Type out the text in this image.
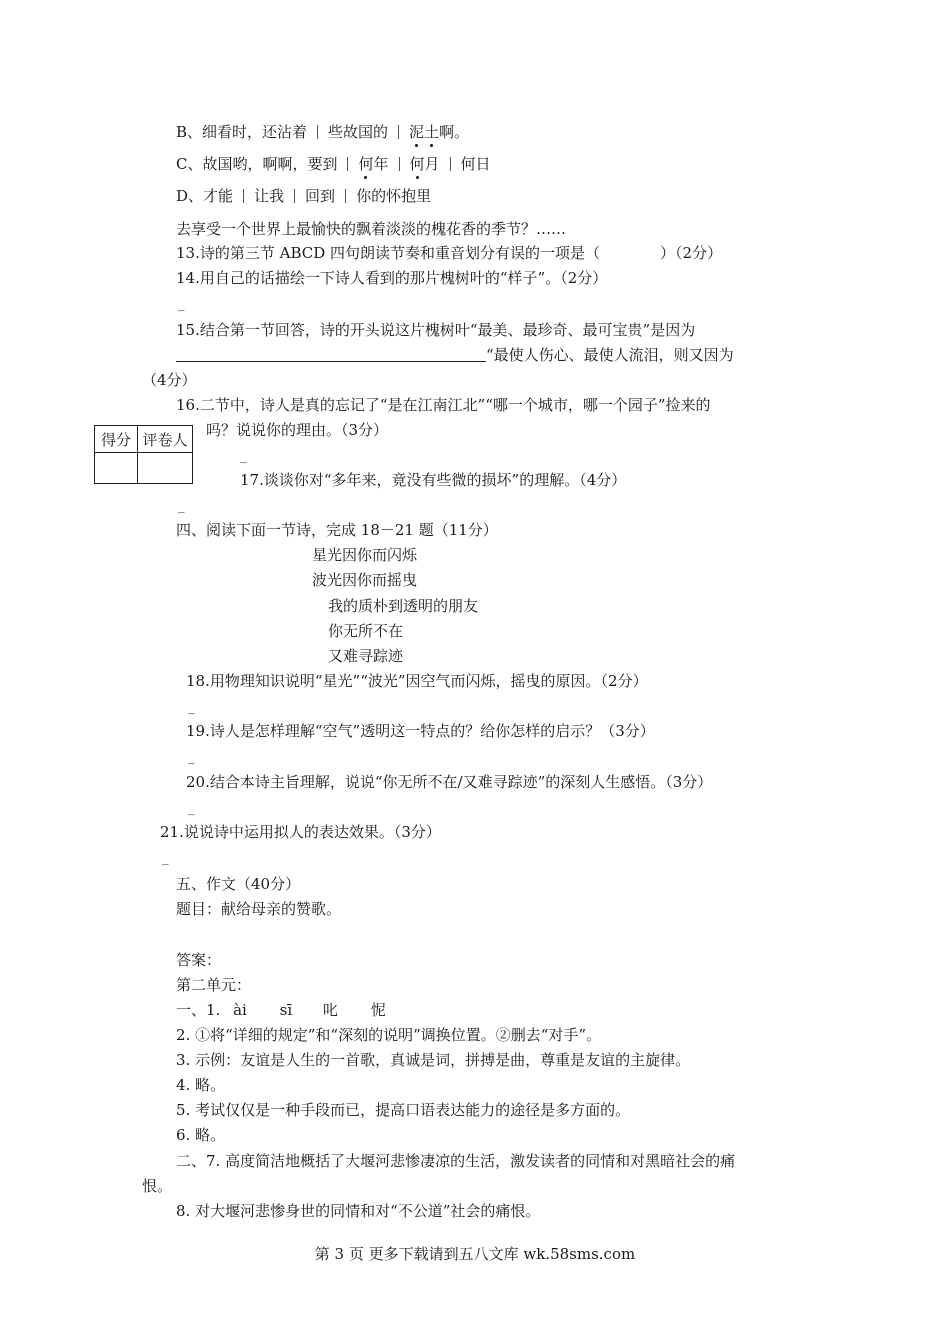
B、细看时，还沾着 些故国的 泥土啊。
C、故国哟，啊啊，要到 何年 何月 何日
D、才能 让我 回到 你的怀抱里
去享受一个世界上最愉快的飘着淡淡的槐花香的季节？……
13.诗的第三节 ABCD 四句朗读节奏和重音划分有误的一项是（　　　　）（2分）
14.用自己的话描绘一下诗人看到的那片槐树叶的“样子”。（2分）
_
15.结合第一节回答，诗的开头说这片槐树叶“最美、最珍奇、最可宝贵”是因为
“最使人伤心、最使人流泪，则又因为
（4分）
16.二节中，诗人是真的忘记了“是在江南江北”“哪一个城市，哪一个园子”捡来的
吗？说说你的理由。（3分）
得分	评卷人

_
17.谈谈你对“多年来，竟没有些微的损坏”的理解。（4分）
_
四、阅读下面一节诗，完成 18－21 题（11分）
星光因你而闪烁
波光因你而摇曳
我的质朴到透明的朋友
你无所不在
又难寻踪迹
18.用物理知识说明“星光”“波光”因空气而闪烁，摇曳的原因。（2分）
_
19.诗人是怎样理解“空气”透明这一特点的？给你怎样的启示？（3分）
_
20.结合本诗主旨理解，说说“你无所不在/又难寻踪迹”的深刻人生感悟。（3分）
_
21.说说诗中运用拟人的表达效果。（3分）
_
五、作文（40分）
题目：献给母亲的赞歌。
答案：
第二单元：
一、1. ài sī 叱 怩
2. ①将“详细的规定”和“深刻的说明”调换位置。②删去“对手”。
3. 示例：友谊是人生的一首歌，真诚是词，拼搏是曲，尊重是友谊的主旋律。
4. 略。
5. 考试仅仅是一种手段而已，提高口语表达能力的途径是多方面的。
6. 略。
二、7. 高度简洁地概括了大堰河悲惨凄凉的生活，激发读者的同情和对黑暗社会的痛
恨。
8. 对大堰河悲惨身世的同情和对“不公道”社会的痛恨。
第 3 页 更多下载请到五八文库 wk.58sms.com
